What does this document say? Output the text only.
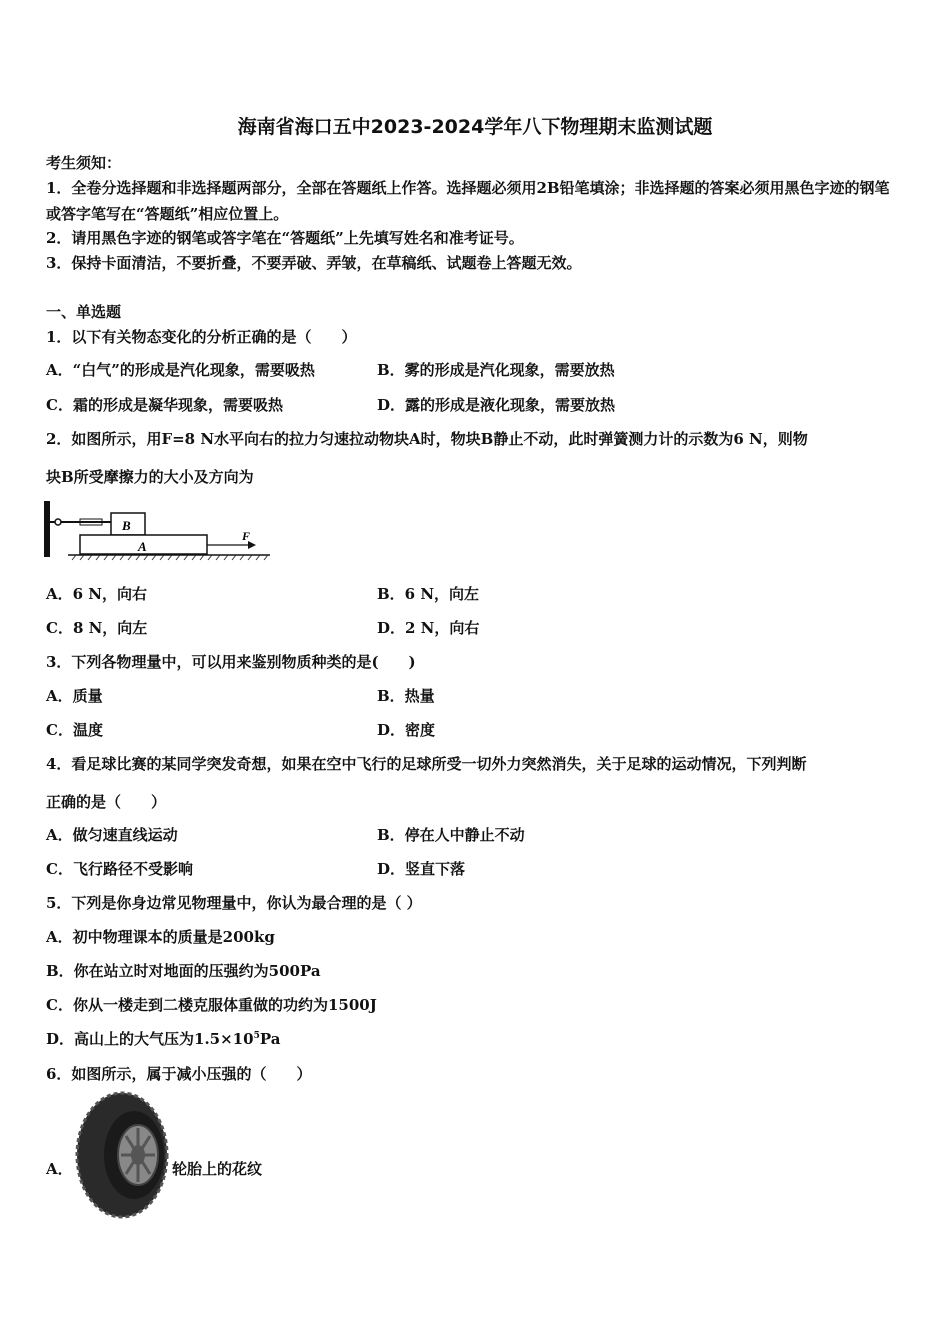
海南省海口五中2023-2024学年八下物理期末监测试题
考生须知：
1．全卷分选择题和非选择题两部分，全部在答题纸上作答。选择题必须用2B铅笔填涂；非选择题的答案必须用黑色字迹的钢笔或答字笔写在“答题纸”相应位置上。
2．请用黑色字迹的钢笔或答字笔在“答题纸”上先填写姓名和准考证号。
3．保持卡面清洁，不要折叠，不要弄破、弄皱，在草稿纸、试题卷上答题无效。
一、单选题
1．以下有关物态变化的分析正确的是（　　）
A．“白气”的形成是汽化现象，需要吸热	B．雾的形成是汽化现象，需要放热
C．霜的形成是凝华现象，需要吸热	D．露的形成是液化现象，需要放热
2．如图所示，用F=8 N水平向右的拉力匀速拉动物块A时，物块B静止不动，此时弹簧测力计的示数为6 N，则物
块B所受摩擦力的大小及方向为
B
A
F
A．6 N，向右	B．6 N，向左
C．8 N，向左	D．2 N，向右
3．下列各物理量中，可以用来鉴别物质种类的是(　　)
A．质量	B．热量
C．温度	D．密度
4．看足球比赛的某同学突发奇想，如果在空中飞行的足球所受一切外力突然消失，关于足球的运动情况，下列判断
正确的是（　　）
A．做匀速直线运动	B．停在人中静止不动
C．飞行路径不受影响	D．竖直下落
5．下列是你身边常见物理量中，你认为最合理的是（ ）
A．初中物理课本的质量是200kg
B．你在站立时对地面的压强约为500Pa
C．你从一楼走到二楼克服体重做的功约为1500J
D．高山上的大气压为$1.5\times 10^5Pa$
6．如图所示，属于减小压强的（　　）
A．	轮胎上的花纹
